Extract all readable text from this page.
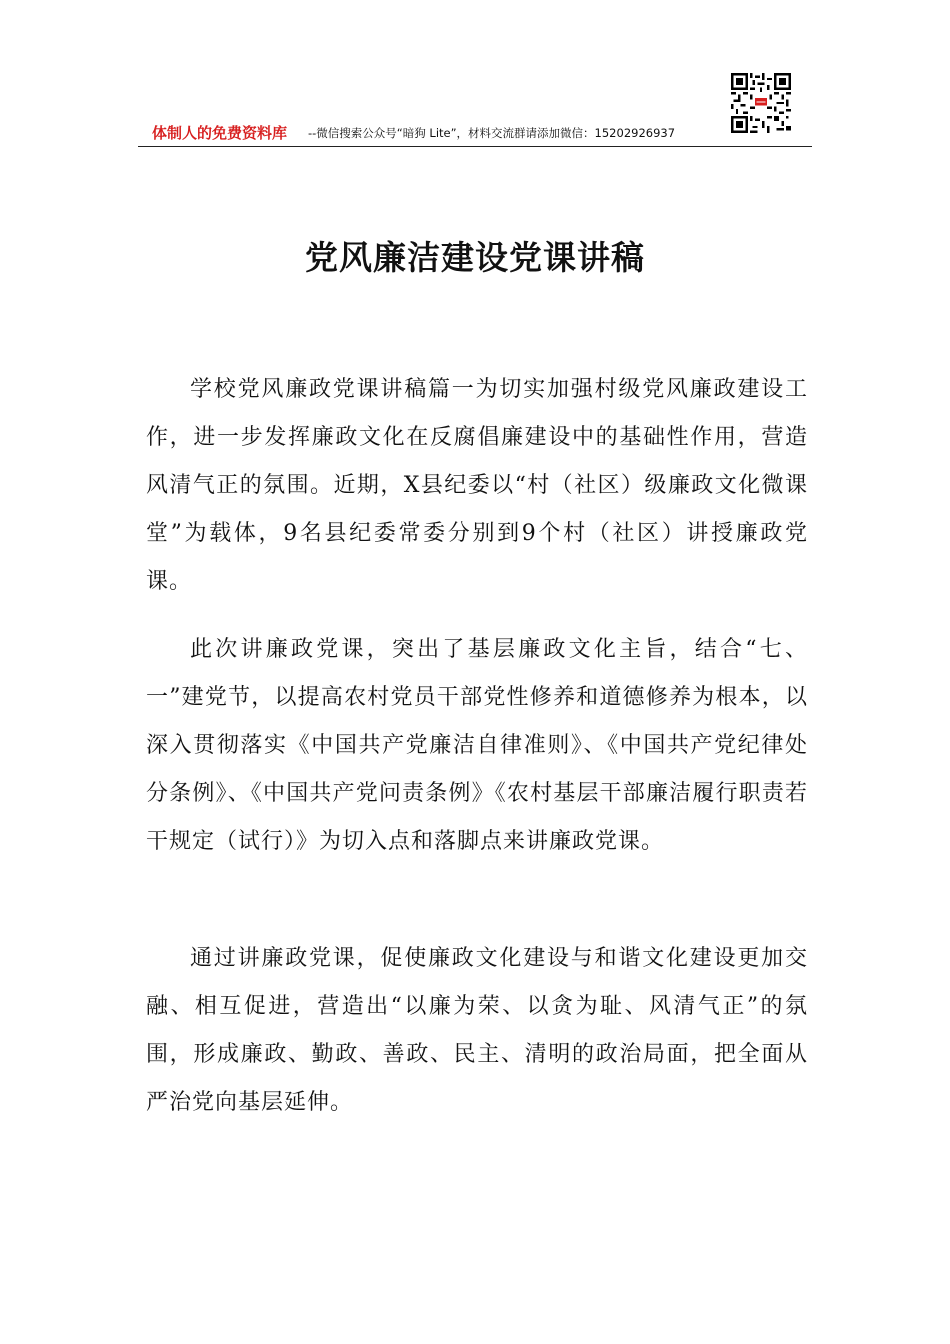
体制人的免费资料库 --微信搜索公众号“暗狗 Lite”，材料交流群请添加微信：15202926937
党风廉洁建设党课讲稿

学校党风廉政党课讲稿篇一为切实加强村级党风廉政建设工作，进一步发挥廉政文化在反腐倡廉建设中的基础性作用，营造风清气正的氛围。近期，X县纪委以“村（社区）级廉政文化微课堂”为载体，9名县纪委常委分别到9个村（社区）讲授廉政党课。

此次讲廉政党课，突出了基层廉政文化主旨，结合“七、一”建党节，以提高农村党员干部党性修养和道德修养为根本，以深入贯彻落实《中国共产党廉洁自律准则》、《中国共产党纪律处分条例》、《中国共产党问责条例》《农村基层干部廉洁履行职责若干规定（试行）》为切入点和落脚点来讲廉政党课。

通过讲廉政党课，促使廉政文化建设与和谐文化建设更加交融、相互促进，营造出“以廉为荣、以贪为耻、风清气正”的氛围，形成廉政、勤政、善政、民主、清明的政治局面，把全面从严治党向基层延伸。
